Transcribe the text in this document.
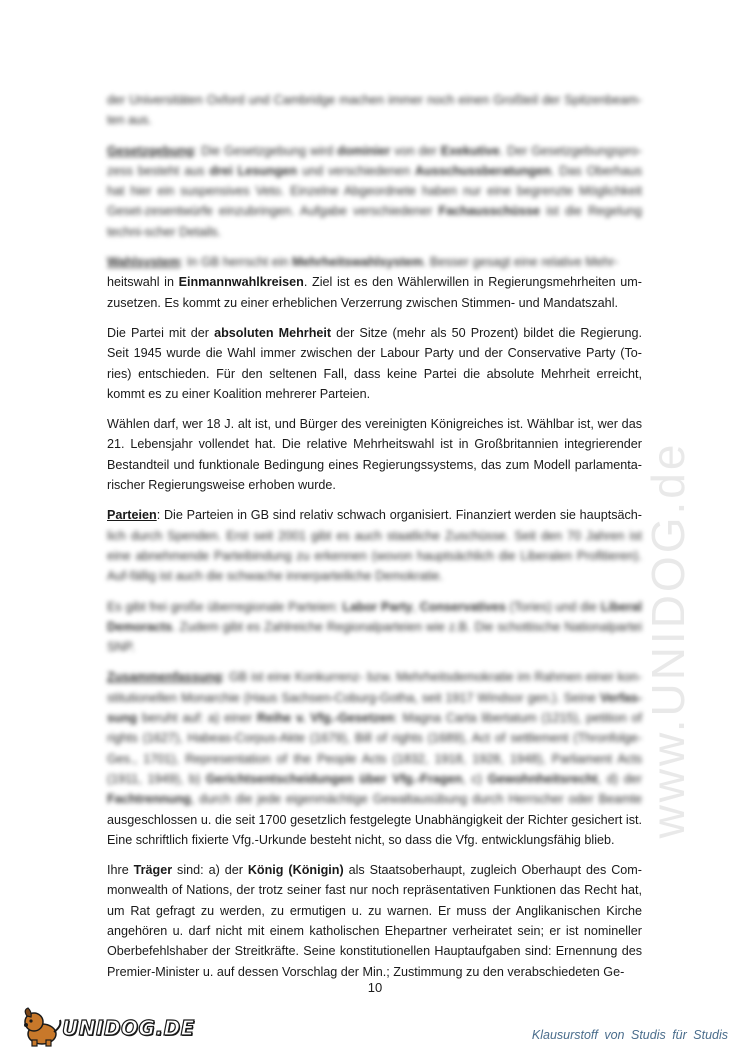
www.UNIDOG.de

der Universitäten Oxford und Cambridge machen immer noch einen Großteil der Spitzenbeam- ten aus.

Gesetzgebung: Die Gesetzgebung wird dominier von der Exekutive. Der Gesetzgebungspro-zess besteht aus drei Lesungen und verschiedenen Ausschussberatungen. Das Oberhaus hat hier ein suspensives Veto. Einzelne Abgeordnete haben nur eine begrenzte Möglichkeit Geset-zesentwürfe einzubringen. Aufgabe verschiedener Fachausschüsse ist die Regelung techni-scher Details.

Wahlsystem: In GB herrscht ein Mehrheitswahlsystem. Besser gesagt eine relative Mehr- heitswahl in Einmannwahlkreisen. Ziel ist es den Wählerwillen in Regierungsmehrheiten um-zusetzen. Es kommt zu einer erheblichen Verzerrung zwischen Stimmen- und Mandatszahl.

Die Partei mit der absoluten Mehrheit der Sitze (mehr als 50 Prozent) bildet die Regierung. Seit 1945 wurde die Wahl immer zwischen der Labour Party und der Conservative Party (To-ries) entschieden. Für den seltenen Fall, dass keine Partei die absolute Mehrheit erreicht, kommt es zu einer Koalition mehrerer Parteien.

Wählen darf, wer 18 J. alt ist, und Bürger des vereinigten Königreiches ist. Wählbar ist, wer das 21. Lebensjahr vollendet hat. Die relative Mehrheitswahl ist in Großbritannien integrierender Bestandteil und funktionale Bedingung eines Regierungssystems, das zum Modell parlamenta-rischer Regierungsweise erhoben wurde.

Parteien: Die Parteien in GB sind relativ schwach organisiert. Finanziert werden sie hauptsäch- lich durch Spenden. Erst seit 2001 gibt es auch staatliche Zuschüsse. Seit den 70 Jahren ist eine abnehmende Parteibindung zu erkennen (wovon hauptsächlich die Liberalen Profitieren). Auf-fällig ist auch die schwache innerparteiliche Demokratie.

Es gibt frei große überregionale Parteien: Labor Party, Conservatives (Tories) und die Liberal Demoracts. Zudem gibt es Zahlreiche Regionalparteien wie z.B. Die schottische Nationalpartei SNP.

Zusammenfassung: GB ist eine Konkurrenz- bzw. Mehrheitsdemokratie im Rahmen einer kon-stitutionellen Monarchie (Haus Sachsen-Coburg-Gotha, seit 1917 Windsor gen.). Seine Verfas-sung beruht auf: a) einer Reihe v. Vfg.-Gesetzen: Magna Carta libertatum (1215), petition of rights (1627), Habeas-Corpus-Akte (1679), Bill of rights (1689), Act of settlement (Thronfolge-Ges., 1701), Representation of the People Acts (1832, 1918, 1928, 1948), Parliament Acts (1911, 1949), b) Gerichtsentscheidungen über Vfg.-Fragen, c) Gewohnheitsrecht, d) der Fachtrennung, durch die jede eigenmächtige Gewaltausübung durch Herrscher oder Beamte ausgeschlossen u. die seit 1700 gesetzlich festgelegte Unabhängigkeit der Richter gesichert ist. Eine schriftlich fixierte Vfg.-Urkunde besteht nicht, so dass die Vfg. entwicklungsfähig blieb.

Ihre Träger sind: a) der König (Königin) als Staatsoberhaupt, zugleich Oberhaupt des Com-monwealth of Nations, der trotz seiner fast nur noch repräsentativen Funktionen das Recht hat, um Rat gefragt zu werden, zu ermutigen u. zu warnen. Er muss der Anglikanischen Kirche angehören u. darf nicht mit einem katholischen Ehepartner verheiratet sein; er ist nomineller Oberbefehlshaber der Streitkräfte. Seine konstitutionellen Hauptaufgaben sind: Ernennung des Premier-Minister u. auf dessen Vorschlag der Min.; Zustimmung zu den verabschiedeten Ge-

10
UNIDOG.DE	Klausurstoff von Studis für Studis
